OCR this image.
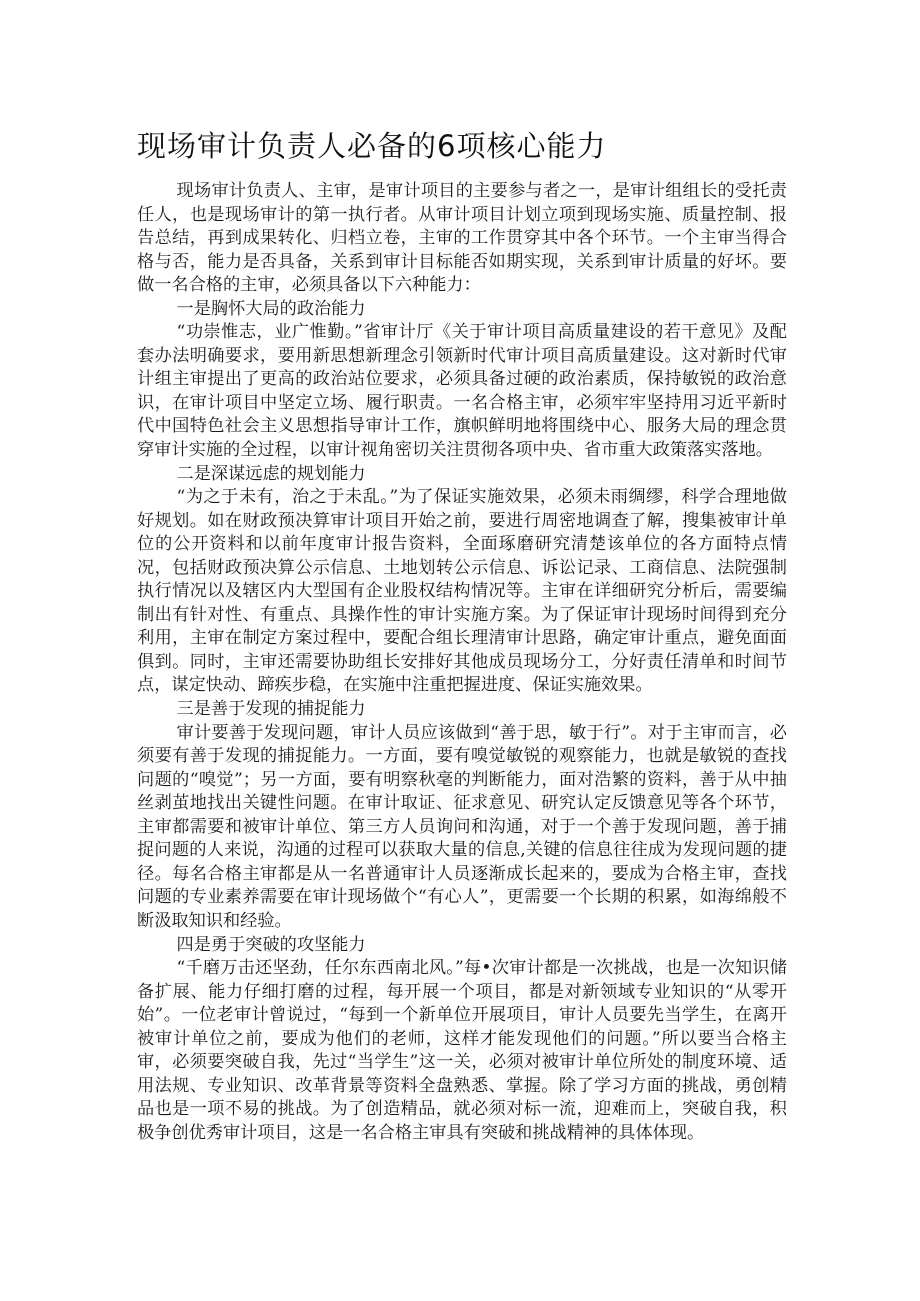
现场审计负责人必备的6项核心能力

现场审计负责人、主审，是审计项目的主要参与者之一，是审计组组长的受托责任人，也是现场审计的第一执行者。从审计项目计划立项到现场实施、质量控制、报告总结，再到成果转化、归档立卷，主审的工作贯穿其中各个环节。一个主审当得合格与否，能力是否具备，关系到审计目标能否如期实现，关系到审计质量的好坏。要做一名合格的主审，必须具备以下六种能力：

一是胸怀大局的政治能力

“功崇惟志，业广惟勤。”省审计厅《关于审计项目高质量建设的若干意见》及配套办法明确要求，要用新思想新理念引领新时代审计项目高质量建设。这对新时代审计组主审提出了更高的政治站位要求，必须具备过硬的政治素质，保持敏锐的政治意识，在审计项目中坚定立场、履行职责。一名合格主审，必须牢牢坚持用习近平新时代中国特色社会主义思想指导审计工作，旗帜鲜明地将围绕中心、服务大局的理念贯穿审计实施的全过程，以审计视角密切关注贯彻各项中央、省市重大政策落实落地。

二是深谋远虑的规划能力

“为之于未有，治之于未乱。”为了保证实施效果，必须未雨绸缪，科学合理地做好规划。如在财政预决算审计项目开始之前，要进行周密地调查了解，搜集被审计单位的公开资料和以前年度审计报告资料，全面琢磨研究清楚该单位的各方面特点情况，包括财政预决算公示信息、土地划转公示信息、诉讼记录、工商信息、法院强制执行情况以及辖区内大型国有企业股权结构情况等。主审在详细研究分析后，需要编制出有针对性、有重点、具操作性的审计实施方案。为了保证审计现场时间得到充分利用，主审在制定方案过程中，要配合组长理清审计思路，确定审计重点，避免面面俱到。同时，主审还需要协助组长安排好其他成员现场分工，分好责任清单和时间节点，谋定快动、蹄疾步稳，在实施中注重把握进度、保证实施效果。

三是善于发现的捕捉能力

审计要善于发现问题，审计人员应该做到“善于思，敏于行”。对于主审而言，必须要有善于发现的捕捉能力。一方面，要有嗅觉敏锐的观察能力，也就是敏锐的查找问题的“嗅觉”；另一方面，要有明察秋毫的判断能力，面对浩繁的资料，善于从中抽丝剥茧地找出关键性问题。在审计取证、征求意见、研究认定反馈意见等各个环节，主审都需要和被审计单位、第三方人员询问和沟通，对于一个善于发现问题，善于捕捉问题的人来说，沟通的过程可以获取大量的信息,关键的信息往往成为发现问题的捷径。每名合格主审都是从一名普通审计人员逐渐成长起来的，要成为合格主审，查找问题的专业素养需要在审计现场做个“有心人”，更需要一个长期的积累，如海绵般不断汲取知识和经验。

四是勇于突破的攻坚能力

“千磨万击还坚劲，任尔东西南北风。”每•次审计都是一次挑战，也是一次知识储备扩展、能力仔细打磨的过程，每开展一个项目，都是对新领域专业知识的“从零开始”。一位老审计曾说过，“每到一个新单位开展项目，审计人员要先当学生，在离开被审计单位之前，要成为他们的老师，这样才能发现他们的问题。”所以要当合格主审，必须要突破自我，先过“当学生”这一关，必须对被审计单位所处的制度环境、适用法规、专业知识、改革背景等资料全盘熟悉、掌握。除了学习方面的挑战，勇创精品也是一项不易的挑战。为了创造精品，就必须对标一流，迎难而上，突破自我，积极争创优秀审计项目，这是一名合格主审具有突破和挑战精神的具体体现。
